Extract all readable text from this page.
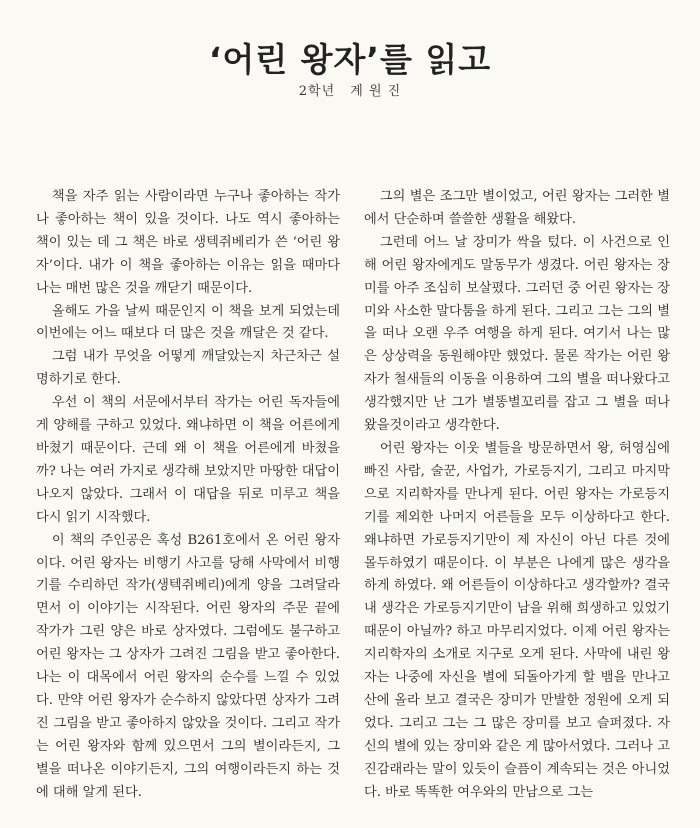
‘어린 왕자’를 읽고
2학년 계 원 진

책을 자주 읽는 사람이라면 누구나 좋아하는 작가나 좋아하는 책이 있을 것이다. 나도 역시 좋아하는 책이 있는 데 그 책은 바로 생텍쥐베리가 쓴 ‘어린 왕자’이다. 내가 이 책을 좋아하는 이유는 읽을 때마다 나는 매번 많은 것을 깨닫기 때문이다.

올해도 가을 날씨 때문인지 이 책을 보게 되었는데 이번에는 어느 때보다 더 많은 것을 깨달은 것 같다.

그럼 내가 무엇을 어떻게 깨달았는지 차근차근 설명하기로 한다.

우선 이 책의 서문에서부터 작가는 어린 독자들에게 양해를 구하고 있었다. 왜냐하면 이 책을 어른에게 바쳤기 때문이다. 근데 왜 이 책을 어른에게 바쳤을까? 나는 여러 가지로 생각해 보았지만 마땅한 대답이 나오지 않았다. 그래서 이 대답을 뒤로 미루고 책을 다시 읽기 시작했다.

이 책의 주인공은 혹성 B261호에서 온 어린 왕자이다. 어린 왕자는 비행기 사고를 당해 사막에서 비행기를 수리하던 작가(생텍쥐베리)에게 양을 그려달라면서 이 이야기는 시작된다. 어린 왕자의 주문 끝에 작가가 그린 양은 바로 상자였다. 그럼에도 불구하고 어린 왕자는 그 상자가 그려진 그림을 받고 좋아한다. 나는 이 대목에서 어린 왕자의 순수를 느낄 수 있었다. 만약 어린 왕자가 순수하지 않았다면 상자가 그려진 그림을 받고 좋아하지 않았을 것이다. 그리고 작가는 어린 왕자와 함께 있으면서 그의 별이라든지, 그 별을 떠나온 이야기든지, 그의 여행이라든지 하는 것에 대해 알게 된다.

그의 별은 조그만 별이었고, 어린 왕자는 그러한 별에서 단순하며 쓸쓸한 생활을 해왔다.

그런데 어느 날 장미가 싹을 텄다. 이 사건으로 인해 어린 왕자에게도 말동무가 생겼다. 어린 왕자는 장미를 아주 조심히 보살폈다. 그러던 중 어린 왕자는 장미와 사소한 말다툼을 하게 된다. 그리고 그는 그의 별을 떠나 오랜 우주 여행을 하게 된다. 여기서 나는 많은 상상력을 동원해야만 했었다. 물론 작가는 어린 왕자가 철새들의 이동을 이용하여 그의 별을 떠나왔다고 생각했지만 난 그가 별똥별꼬리를 잡고 그 별을 떠나왔을것이라고 생각한다.

어린 왕자는 이웃 별들을 방문하면서 왕, 허영심에 빠진 사람, 술꾼, 사업가, 가로등지기, 그리고 마지막으로 지리학자를 만나게 된다. 어린 왕자는 가로등지기를 제외한 나머지 어른들을 모두 이상하다고 한다. 왜냐하면 가로등지기만이 제 자신이 아닌 다른 것에 몰두하였기 때문이다. 이 부분은 나에게 많은 생각을 하게 하였다. 왜 어른들이 이상하다고 생각할까? 결국 내 생각은 가로등지기만이 남을 위해 희생하고 있었기 때문이 아닐까? 하고 마무리지었다. 이제 어린 왕자는 지리학자의 소개로 지구로 오게 된다. 사막에 내린 왕자는 나중에 자신을 별에 되돌아가게 할 뱀을 만나고 산에 올라 보고 결국은 장미가 만발한 정원에 오게 되었다. 그리고 그는 그 많은 장미를 보고 슬퍼졌다. 자신의 별에 있는 장미와 같은 게 많아서였다. 그러나 고진감래라는 말이 있듯이 슬픔이 계속되는 것은 아니었다. 바로 똑똑한 여우와의 만남으로 그는
